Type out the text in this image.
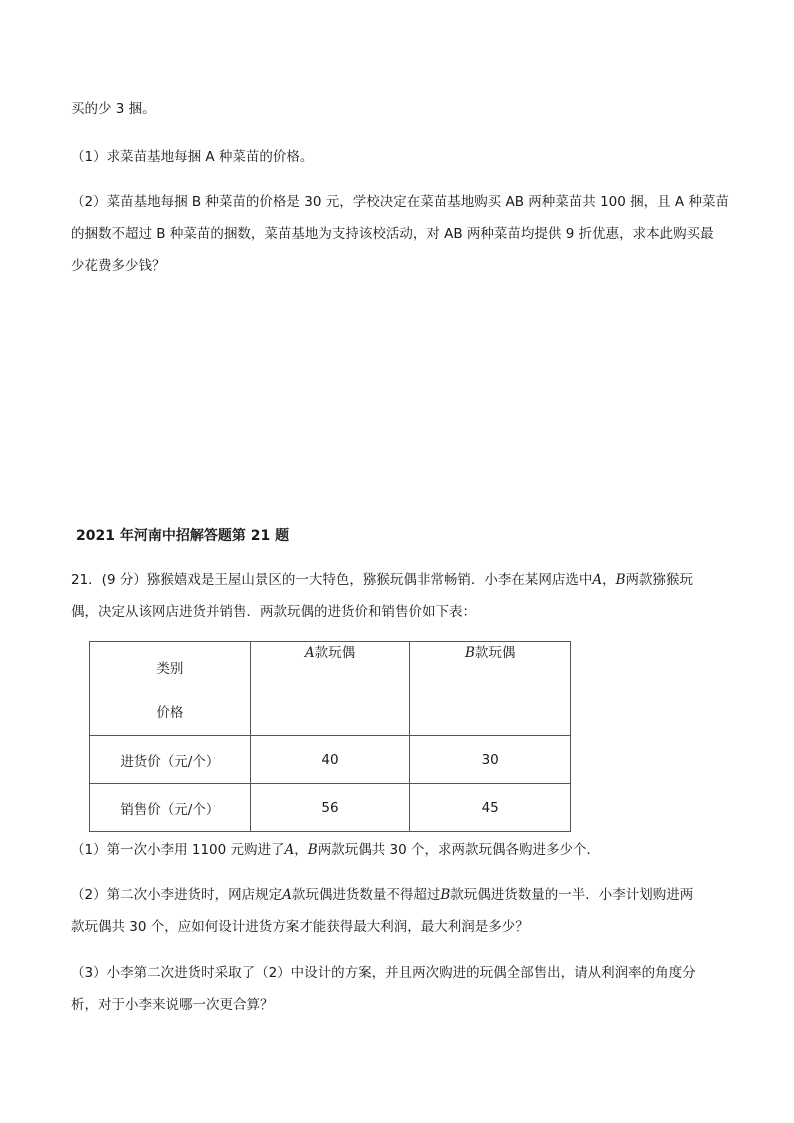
买的少 3 捆。
（1）求菜苗基地每捆 A 种菜苗的价格。
（2）菜苗基地每捆 B 种菜苗的价格是 30 元，学校决定在菜苗基地购买 AB 两种菜苗共 100 捆，且 A 种菜苗
的捆数不超过 B 种菜苗的捆数，菜苗基地为支持该校活动，对 AB 两种菜苗均提供 9 折优惠，求本此购买最
少花费多少钱？
2021 年河南中招解答题第 21 题
21．(9 分）猕猴嬉戏是王屋山景区的一大特色，猕猴玩偶非常畅销．小李在某网店选中A，B两款猕猴玩
偶，决定从该网店进货并销售．两款玩偶的进货价和销售价如下表：
类别
价格	A款玩偶	B款玩偶

进货价（元/个）	40	30
销售价（元/个）	56	45
（1）第一次小李用 1100 元购进了A，B两款玩偶共 30 个，求两款玩偶各购进多少个．
（2）第二次小李进货时，网店规定A款玩偶进货数量不得超过B款玩偶进货数量的一半．小李计划购进两
款玩偶共 30 个，应如何设计进货方案才能获得最大利润，最大利润是多少？
（3）小李第二次进货时采取了（2）中设计的方案，并且两次购进的玩偶全部售出，请从利润率的角度分
析，对于小李来说哪一次更合算？
